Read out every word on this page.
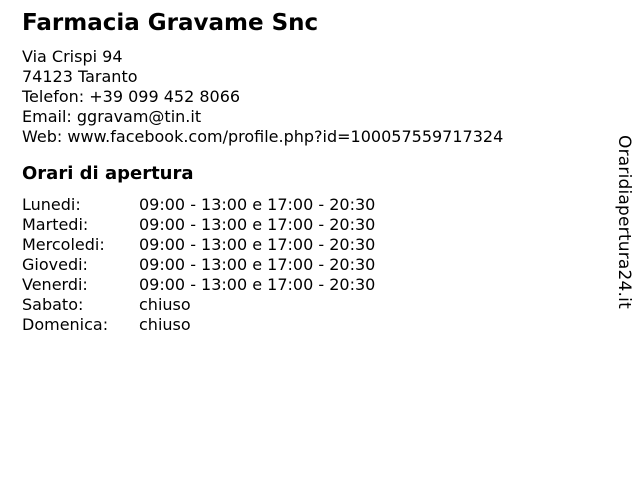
Farmacia Gravame Snc
Via Crispi 94
74123 Taranto
Telefon: +39 099 452 8066
Email: ggravam@tin.it
Web: www.facebook.com/profile.php?id=100057559717324
Orari di apertura
Lunedi:	09:00 - 13:00 e 17:00 - 20:30
Martedi:	09:00 - 13:00 e 17:00 - 20:30
Mercoledi:	09:00 - 13:00 e 17:00 - 20:30
Giovedi:	09:00 - 13:00 e 17:00 - 20:30
Venerdi:	09:00 - 13:00 e 17:00 - 20:30
Sabato:	chiuso
Domenica:	chiuso
Oraridiapertura24.it
